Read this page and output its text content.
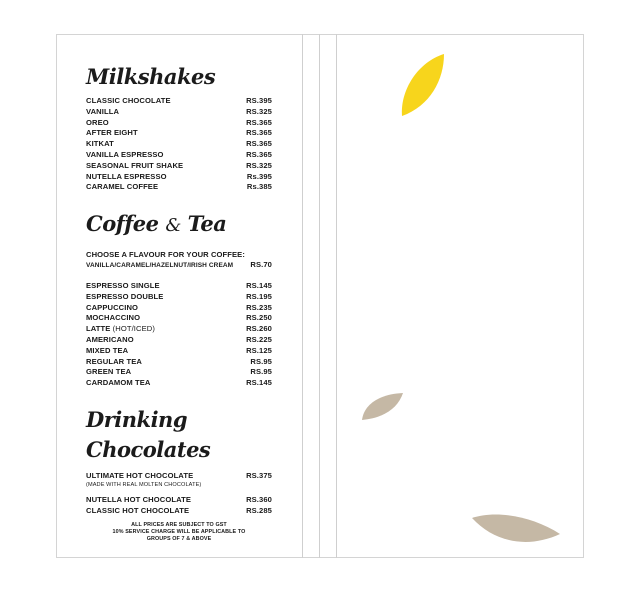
Milkshakes
CLASSIC CHOCOLATE	RS.395
VANILLA	RS.325
OREO	RS.365
AFTER EIGHT	RS.365
KITKAT	RS.365
VANILLA ESPRESSO	RS.365
SEASONAL FRUIT SHAKE	RS.325
NUTELLA ESPRESSO	Rs.395
CARAMEL COFFEE	Rs.385
Coffee & Tea
CHOOSE A FLAVOUR FOR YOUR COFFEE:
VANILLA/CARAMEL/HAZELNUT/IRISH CREAM RS.70
ESPRESSO SINGLE	RS.145
ESPRESSO DOUBLE	RS.195
CAPPUCCINO	RS.235
MOCHACCINO	RS.250
LATTE (HOT/ICED)	RS.260
AMERICANO	RS.225
MIXED TEA	RS.125
REGULAR TEA	RS.95
GREEN TEA	RS.95
CARDAMOM TEA	RS.145
Drinking Chocolates
ULTIMATE HOT CHOCOLATE	RS.375
(MADE WITH REAL MOLTEN CHOCOLATE)
NUTELLA HOT CHOCOLATE	RS.360
CLASSIC HOT CHOCOLATE	RS.285
ALL PRICES ARE SUBJECT TO GST
10% SERVICE CHARGE WILL BE APPLICABLE TO
GROUPS OF 7 & ABOVE
